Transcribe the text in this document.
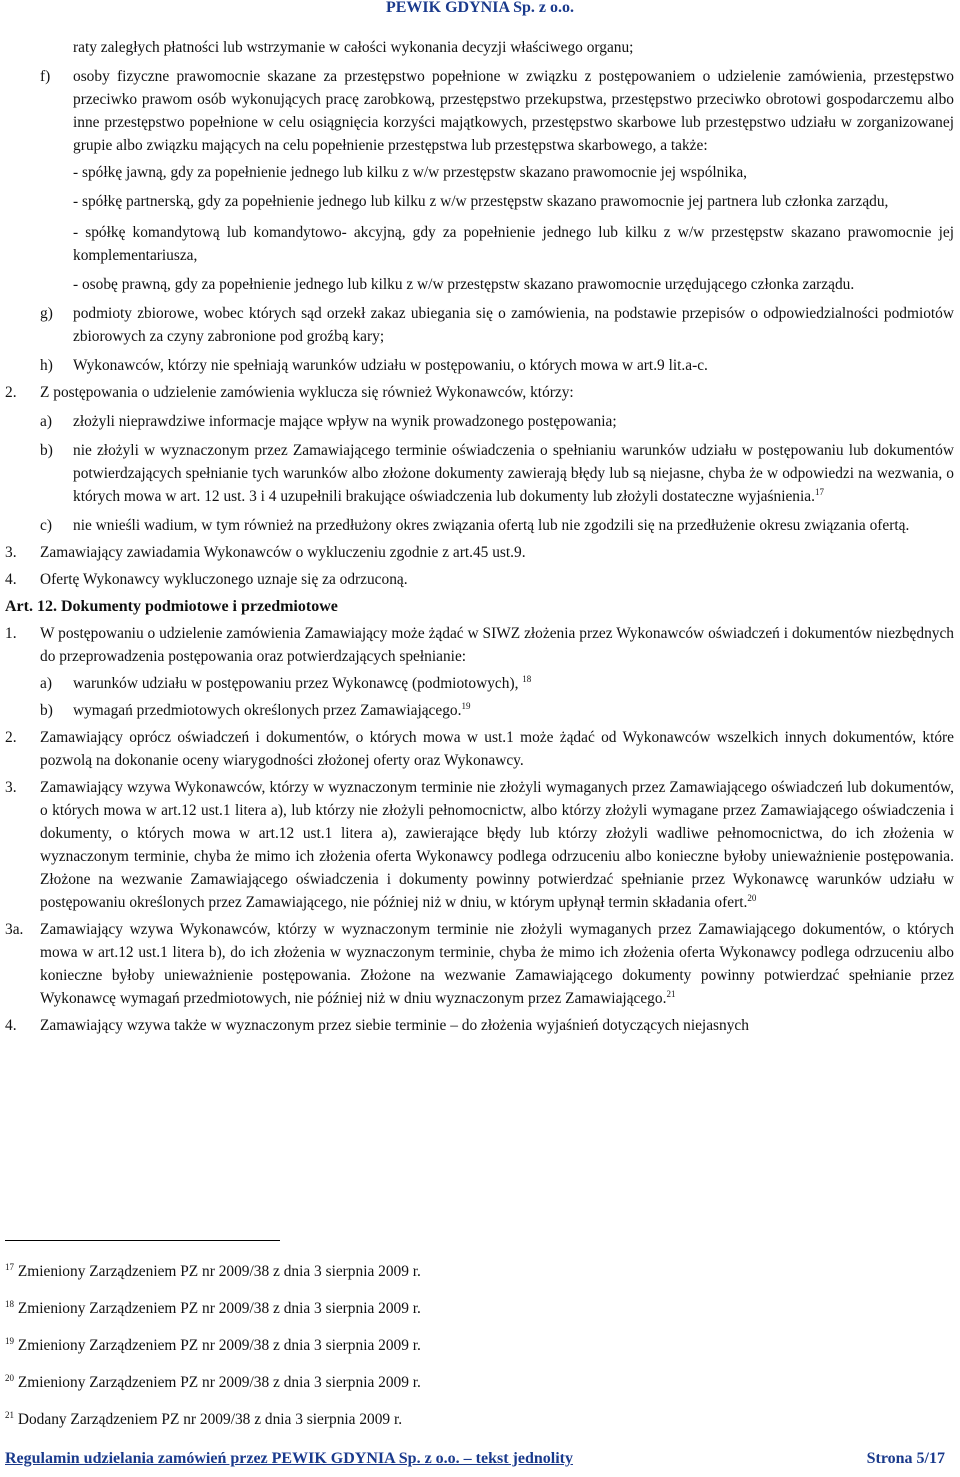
PEWIK GDYNIA Sp. z o.o.

raty zaległych płatności lub wstrzymanie w całości wykonania decyzji właściwego organu;

f)	osoby fizyczne prawomocnie skazane za przestępstwo popełnione w związku z postępowaniem o udzielenie zamówienia, przestępstwo przeciwko prawom osób wykonujących pracę zarobkową, przestępstwo przekupstwa, przestępstwo przeciwko obrotowi gospodarczemu albo inne przestępstwo popełnione w celu osiągnięcia korzyści majątkowych, przestępstwo skarbowe lub przestępstwo udziału w zorganizowanej grupie albo związku mających na celu popełnienie przestępstwa lub przestępstwa skarbowego, a także:

- spółkę jawną, gdy za popełnienie jednego lub kilku z w/w przestępstw skazano prawomocnie jej wspólnika,

- spółkę partnerską, gdy za popełnienie jednego lub kilku z w/w przestępstw skazano prawomocnie jej partnera lub członka zarządu,

- spółkę komandytową lub komandytowo- akcyjną, gdy za popełnienie jednego lub kilku z w/w przestępstw skazano prawomocnie jej komplementariusza,

- osobę prawną, gdy za popełnienie jednego lub kilku z w/w przestępstw skazano prawomocnie urzędującego członka zarządu.

g)	podmioty zbiorowe, wobec których sąd orzekł zakaz ubiegania się o zamówienia, na podstawie przepisów o odpowiedzialności podmiotów zbiorowych za czyny zabronione pod groźbą kary;
h)	Wykonawców, którzy nie spełniają warunków udziału w postępowaniu, o których mowa w art.9 lit.a-c.
2.	Z postępowania o udzielenie zamówienia wyklucza się również Wykonawców, którzy:
a)	złożyli nieprawdziwe informacje mające wpływ na wynik prowadzonego postępowania;
b)	nie złożyli w wyznaczonym przez Zamawiającego terminie oświadczenia o spełnianiu warunków udziału w postępowaniu lub dokumentów potwierdzających spełnianie tych warunków albo złożone dokumenty zawierają błędy lub są niejasne, chyba że w odpowiedzi na wezwania, o których mowa w art. 12 ust. 3 i 4 uzupełnili brakujące oświadczenia lub dokumenty lub złożyli dostateczne wyjaśnienia.$^{17}$
c)	nie wnieśli wadium, w tym również na przedłużony okres związania ofertą lub nie zgodzili się na przedłużenie okresu związania ofertą.
3.	Zamawiający zawiadamia Wykonawców o wykluczeniu zgodnie z art.45 ust.9.
4.	Ofertę Wykonawcy wykluczonego uznaje się za odrzuconą.

Art. 12. Dokumenty podmiotowe i przedmiotowe

1.	W postępowaniu o udzielenie zamówienia Zamawiający może żądać w SIWZ złożenia przez Wykonawców oświadczeń i dokumentów niezbędnych do przeprowadzenia postępowania oraz potwierdzających spełnianie:
a)	warunków udziału w postępowaniu przez Wykonawcę (podmiotowych), $^{18}$
b)	wymagań przedmiotowych określonych przez Zamawiającego.$^{19}$
2.	Zamawiający oprócz oświadczeń i dokumentów, o których mowa w ust.1 może żądać od Wykonawców wszelkich innych dokumentów, które pozwolą na dokonanie oceny wiarygodności złożonej oferty oraz Wykonawcy.
3.	Zamawiający wzywa Wykonawców, którzy w wyznaczonym terminie nie złożyli wymaganych przez Zamawiającego oświadczeń lub dokumentów, o których mowa w art.12 ust.1 litera a), lub którzy nie złożyli pełnomocnictw, albo którzy złożyli wymagane przez Zamawiającego oświadczenia i dokumenty, o których mowa w art.12 ust.1 litera a), zawierające błędy lub którzy złożyli wadliwe pełnomocnictwa, do ich złożenia w wyznaczonym terminie, chyba że mimo ich złożenia oferta Wykonawcy podlega odrzuceniu albo konieczne byłoby unieważnienie postępowania. Złożone na wezwanie Zamawiającego oświadczenia i dokumenty powinny potwierdzać spełnianie przez Wykonawcę warunków udziału w postępowaniu określonych przez Zamawiającego, nie później niż w dniu, w którym upłynął termin składania ofert.$^{20}$
3a.	Zamawiający wzywa Wykonawców, którzy w wyznaczonym terminie nie złożyli wymaganych przez Zamawiającego dokumentów, o których mowa w art.12 ust.1 litera b), do ich złożenia w wyznaczonym terminie, chyba że mimo ich złożenia oferta Wykonawcy podlega odrzuceniu albo konieczne byłoby unieważnienie postępowania. Złożone na wezwanie Zamawiającego dokumenty powinny potwierdzać spełnianie przez Wykonawcę wymagań przedmiotowych, nie później niż w dniu wyznaczonym przez Zamawiającego.$^{21}$
4.	Zamawiający wzywa także w wyznaczonym przez siebie terminie – do złożenia wyjaśnień dotyczących niejasnych
$^{17}$ Zmieniony Zarządzeniem PZ nr 2009/38 z dnia 3 sierpnia 2009 r.
$^{18}$ Zmieniony Zarządzeniem PZ nr 2009/38 z dnia 3 sierpnia 2009 r.
$^{19}$ Zmieniony Zarządzeniem PZ nr 2009/38 z dnia 3 sierpnia 2009 r.
$^{20}$ Zmieniony Zarządzeniem PZ nr 2009/38 z dnia 3 sierpnia 2009 r.
$^{21}$ Dodany Zarządzeniem PZ nr 2009/38 z dnia 3 sierpnia 2009 r.
Regulamin udzielania zamówień przez PEWIK GDYNIA Sp. z o.o. – tekst jednolity	Strona 5/17
